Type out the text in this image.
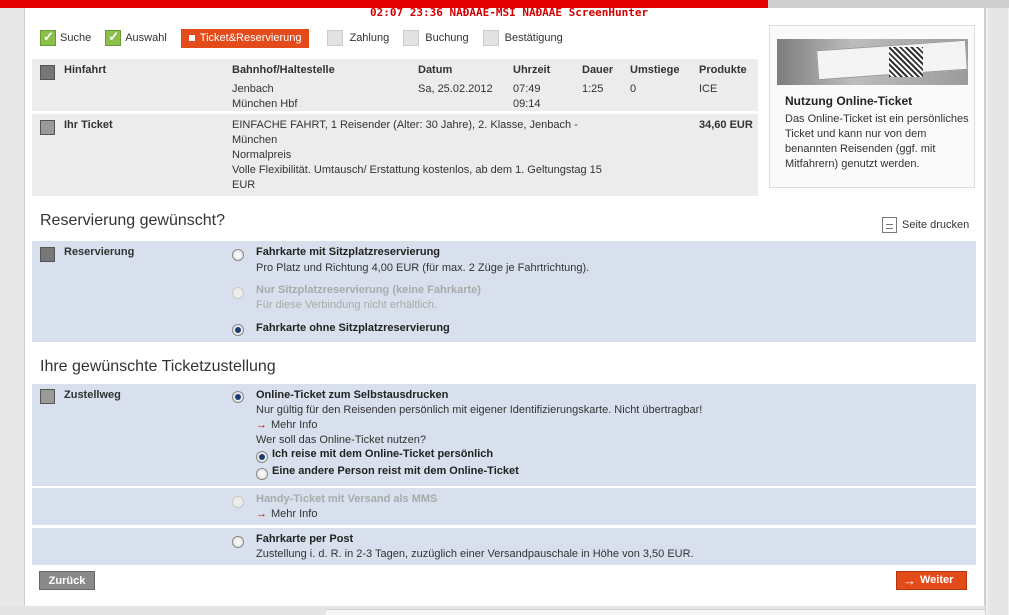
02:07 23:36 NAĐAAE-MSI NAĐAAE ScreenHunter
✓
Suche
✓	Auswahl	Ticket&Reservierung	Zahlung	Buchung	Bestätigung
Hinfahrt	Bahnhof/Haltestelle	Datum	Uhrzeit	Dauer Umstiege Produkte
Jenbach
München Hbf
Sa, 25.02.2012 07:49
09:14
1:25 0	ICE
Ihr Ticket	EINFACHE FAHRT, 1 Reisender (Alter: 30 Jahre), 2. Klasse, Jenbach -
München
Normalpreis
Volle Flexibilität. Umtausch/ Erstattung kostenlos, ab dem 1. Geltungstag 15
EUR
34,60 EUR
Nutzung Online-Ticket
Das Online-Ticket ist ein persönliches Ticket und kann nur von dem benannten Reisenden (ggf. mit Mitfahrern) genutzt werden.
Reservierung gewünscht?	Seite drucken
Reservierung	Fahrkarte mit Sitzplatzreservierung
Pro Platz und Richtung 4,00 EUR (für max. 2 Züge je Fahrtrichtung).
Nur Sitzplatzreservierung (keine Fahrkarte)
Für diese Verbindung nicht erhältlich.
Fahrkarte ohne Sitzplatzreservierung
Ihre gewünschte Ticketzustellung
Zustellweg	Online-Ticket zum Selbstausdrucken
Nur gültig für den Reisenden persönlich mit eigener Identifizierungskarte. Nicht übertragbar!
→ Mehr Info
Wer soll das Online-Ticket nutzen?
Ich reise mit dem Online-Ticket persönlich
Eine andere Person reist mit dem Online-Ticket
Handy-Ticket mit Versand als MMS
→ Mehr Info
Fahrkarte per Post
Zustellung i. d. R. in 2-3 Tagen, zuzüglich einer Versandpauschale in Höhe von 3,50 EUR.
Zurück	→ Weiter
